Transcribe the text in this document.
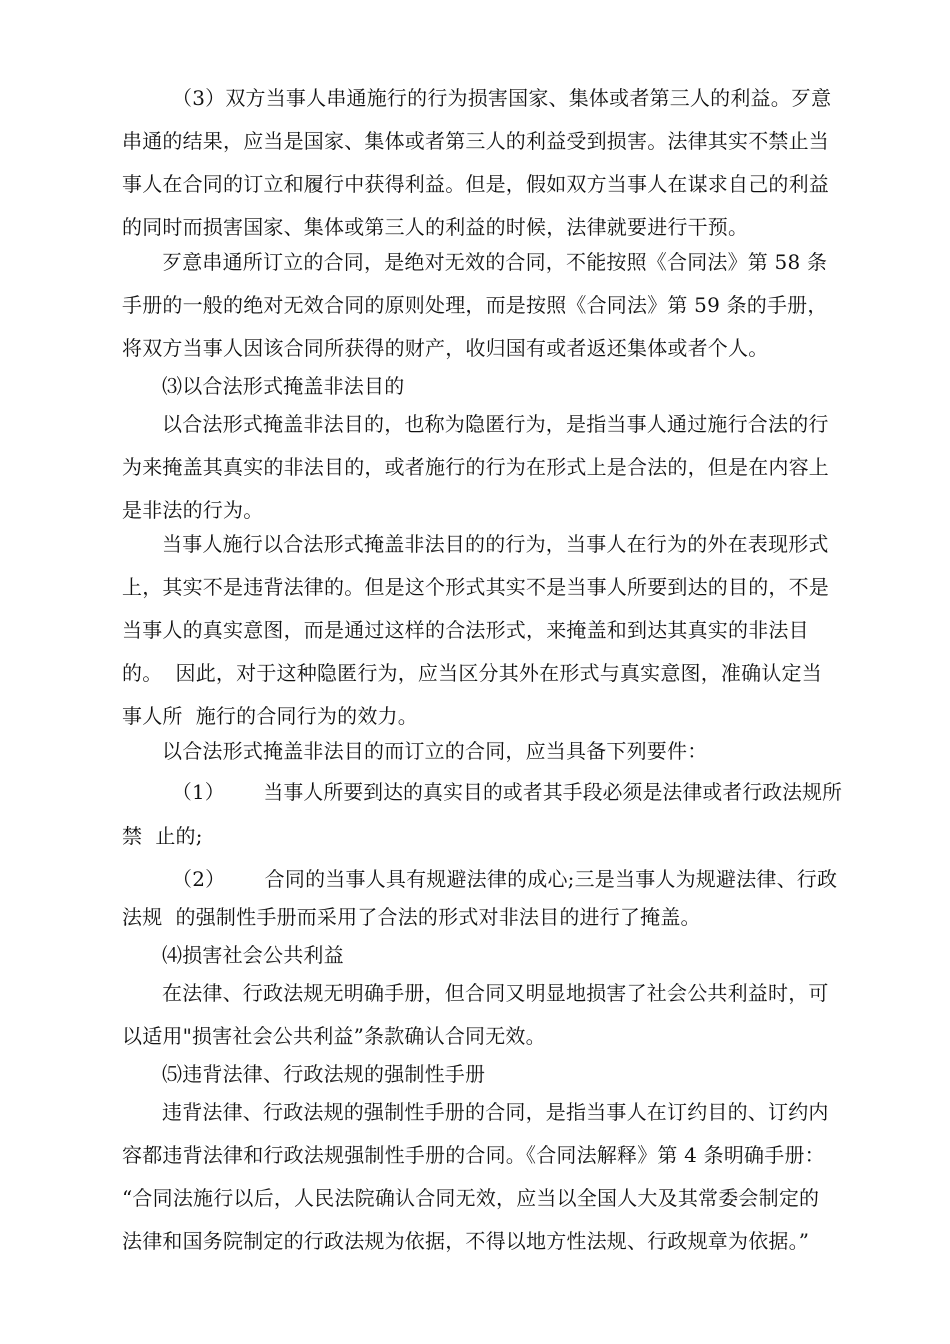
（3）双方当事人串通施行的行为损害国家、集体或者第三人的利益。歹意
串通的结果，应当是国家、集体或者第三人的利益受到损害。法律其实不禁止当
事人在合同的订立和履行中获得利益。但是，假如双方当事人在谋求自己的利益
的同时而损害国家、集体或第三人的利益的时候，法律就要进行干预。
歹意串通所订立的合同，是绝对无效的合同，不能按照《合同法》第 58 条
手册的一般的绝对无效合同的原则处理，而是按照《合同法》第 59 条的手册，
将双方当事人因该合同所获得的财产，收归国有或者返还集体或者个人。
⑶以合法形式掩盖非法目的
以合法形式掩盖非法目的，也称为隐匿行为，是指当事人通过施行合法的行
为来掩盖其真实的非法目的，或者施行的行为在形式上是合法的，但是在内容上
是非法的行为。
当事人施行以合法形式掩盖非法目的的行为，当事人在行为的外在表现形式
上，其实不是违背法律的。但是这个形式其实不是当事人所要到达的目的，不是
当事人的真实意图，而是通过这样的合法形式，来掩盖和到达其真实的非法目
的。  因此，对于这种隐匿行为，应当区分其外在形式与真实意图，准确认定当
事人所  施行的合同行为的效力。
以合法形式掩盖非法目的而订立的合同，应当具备下列要件：
（1）      当事人所要到达的真实目的或者其手段必须是法律或者行政法规所
禁  止的;
（2）      合同的当事人具有规避法律的成心;三是当事人为规避法律、行政
法规  的强制性手册而采用了合法的形式对非法目的进行了掩盖。
⑷损害社会公共利益
在法律、行政法规无明确手册，但合同又明显地损害了社会公共利益时，可
以适用"损害社会公共利益”条款确认合同无效。
⑸违背法律、行政法规的强制性手册
违背法律、行政法规的强制性手册的合同，是指当事人在订约目的、订约内
容都违背法律和行政法规强制性手册的合同。《合同法解释》第 4 条明确手册：
“合同法施行以后，人民法院确认合同无效，应当以全国人大及其常委会制定的
法律和国务院制定的行政法规为依据，不得以地方性法规、行政规章为依据。”
